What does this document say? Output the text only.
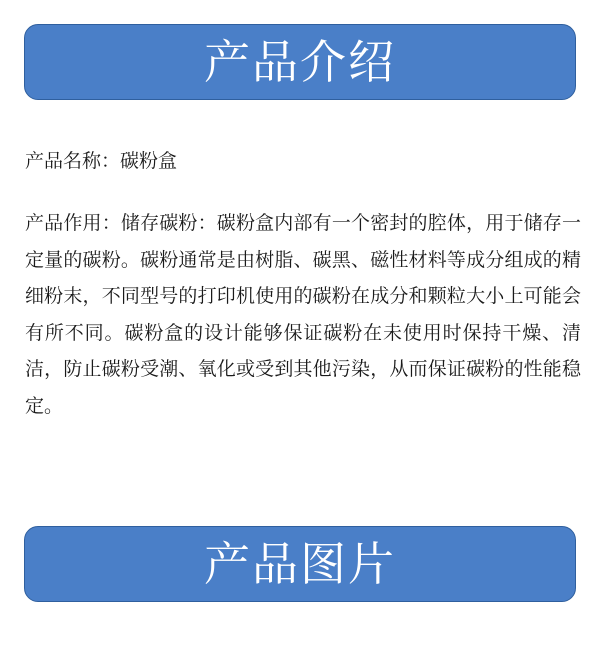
产品介绍
产品名称：碳粉盒

产品作用：储存碳粉：碳粉盒内部有一个密封的腔体，用于储存一定量的碳粉。碳粉通常是由树脂、碳黑、磁性材料等成分组成的精细粉末，不同型号的打印机使用的碳粉在成分和颗粒大小上可能会有所不同。碳粉盒的设计能够保证碳粉在未使用时保持干燥、清洁，防止碳粉受潮、氧化或受到其他污染，从而保证碳粉的性能稳定。

产品图片
